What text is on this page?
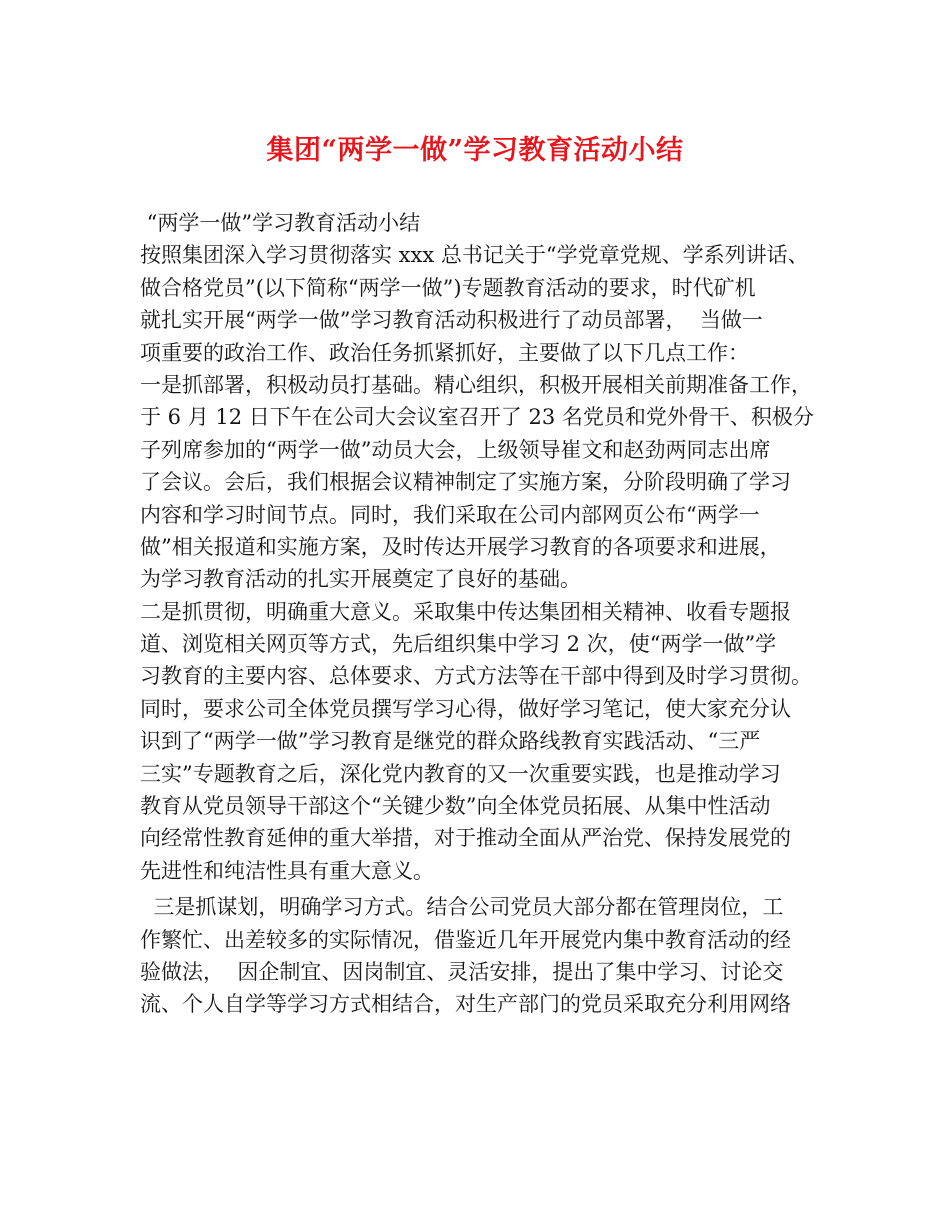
集团“两学一做”学习教育活动小结
“两学一做”学习教育活动小结
按照集团深入学习贯彻落实 xxx 总书记关于“学党章党规、学系列讲话、
做合格党员”(以下简称“两学一做”)专题教育活动的要求，时代矿机
就扎实开展“两学一做”学习教育活动积极进行了动员部署，  当做一
项重要的政治工作、政治任务抓紧抓好，主要做了以下几点工作：
一是抓部署，积极动员打基础。精心组织，积极开展相关前期准备工作，
于 6 月 12 日下午在公司大会议室召开了 23 名党员和党外骨干、积极分
子列席参加的“两学一做”动员大会，上级领导崔文和赵劲两同志出席
了会议。会后，我们根据会议精神制定了实施方案，分阶段明确了学习
内容和学习时间节点。同时，我们采取在公司内部网页公布“两学一
做”相关报道和实施方案，及时传达开展学习教育的各项要求和进展，
为学习教育活动的扎实开展奠定了良好的基础。
二是抓贯彻，明确重大意义。采取集中传达集团相关精神、收看专题报
道、浏览相关网页等方式，先后组织集中学习 2 次，使“两学一做”学
习教育的主要内容、总体要求、方式方法等在干部中得到及时学习贯彻。
同时，要求公司全体党员撰写学习心得，做好学习笔记，使大家充分认
识到了“两学一做”学习教育是继党的群众路线教育实践活动、“三严
三实”专题教育之后，深化党内教育的又一次重要实践，也是推动学习
教育从党员领导干部这个“关键少数”向全体党员拓展、从集中性活动
向经常性教育延伸的重大举措，对于推动全面从严治党、保持发展党的
先进性和纯洁性具有重大意义。
三是抓谋划，明确学习方式。结合公司党员大部分都在管理岗位，工
作繁忙、出差较多的实际情况，借鉴近几年开展党内集中教育活动的经
验做法，  因企制宜、因岗制宜、灵活安排，提出了集中学习、讨论交
流、个人自学等学习方式相结合，对生产部门的党员采取充分利用网络
